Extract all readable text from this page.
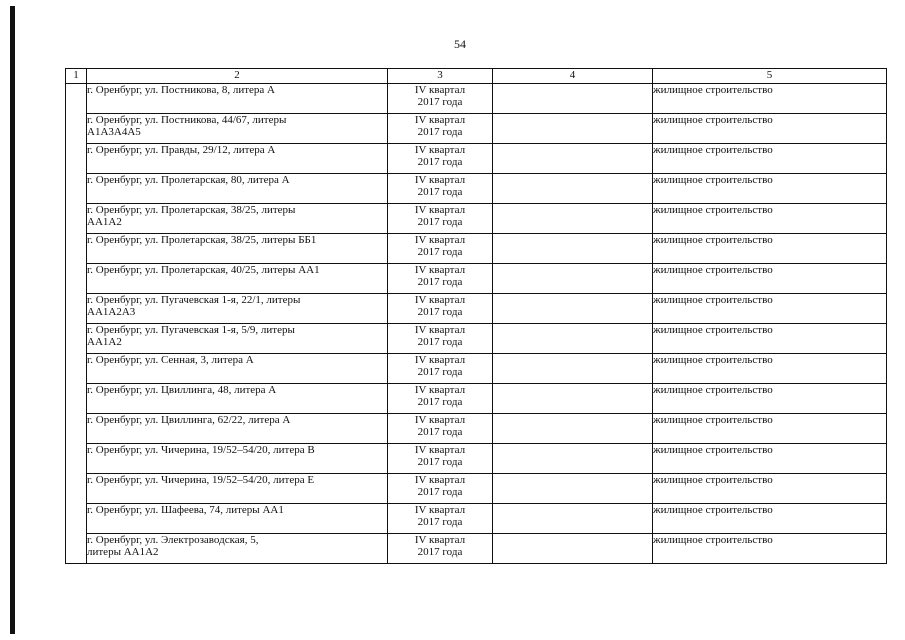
54
1	2	3	4	5
	г. Оренбург, ул. Постникова, 8, литера А	IV квартал
2017 года		жилищное строительство
	г. Оренбург, ул. Постникова, 44/67, литеры
А1А3А4А5	IV квартал
2017 года		жилищное строительство
	г. Оренбург, ул. Правды, 29/12, литера А	IV квартал
2017 года		жилищное строительство
	г. Оренбург, ул. Пролетарская, 80, литера А	IV квартал
2017 года		жилищное строительство
	г. Оренбург, ул. Пролетарская, 38/25, литеры
АА1А2	IV квартал
2017 года		жилищное строительство
	г. Оренбург, ул. Пролетарская, 38/25, литеры ББ1	IV квартал
2017 года		жилищное строительство
	г. Оренбург, ул. Пролетарская, 40/25, литеры АА1	IV квартал
2017 года		жилищное строительство
	г. Оренбург, ул. Пугачевская 1-я, 22/1, литеры
АА1А2А3	IV квартал
2017 года		жилищное строительство
	г. Оренбург, ул. Пугачевская 1-я, 5/9, литеры
АА1А2	IV квартал
2017 года		жилищное строительство
	г. Оренбург, ул. Сенная, 3, литера А	IV квартал
2017 года		жилищное строительство
	г. Оренбург, ул. Цвиллинга, 48, литера А	IV квартал
2017 года		жилищное строительство
	г. Оренбург, ул. Цвиллинга, 62/22, литера А	IV квартал
2017 года		жилищное строительство
	г. Оренбург, ул. Чичерина, 19/52–54/20, литера В	IV квартал
2017 года		жилищное строительство
	г. Оренбург, ул. Чичерина, 19/52–54/20, литера Е	IV квартал
2017 года		жилищное строительство
	г. Оренбург, ул. Шафеева, 74, литеры АА1	IV квартал
2017 года		жилищное строительство
	г. Оренбург, ул. Электрозаводская, 5,
литеры АА1А2	IV квартал
2017 года		жилищное строительство
